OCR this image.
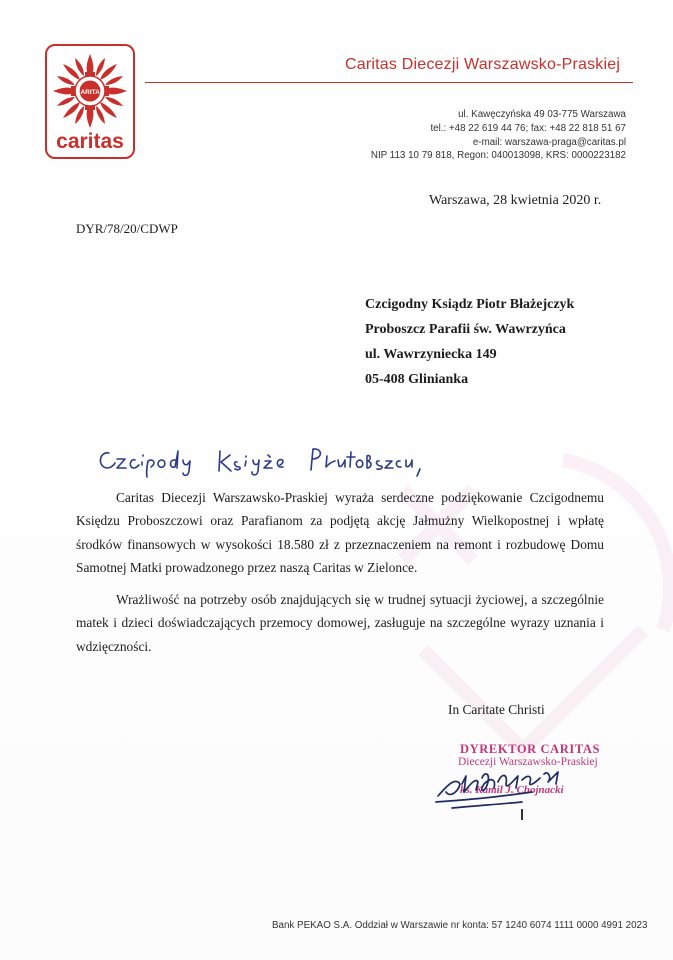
CARITAS
caritas
Caritas Diecezji Warszawsko-Praskiej
ul. Kawęczyńska 49 03-775 Warszawa
tel.: +48 22 619 44 76; fax: +48 22 818 51 67
e-mail: warszawa-praga@caritas.pl
NIP 113 10 79 818, Regon: 040013098, KRS: 0000223182
Warszawa, 28 kwietnia 2020 r.
DYR/78/20/CDWP
Czcigodny Ksiądz Piotr Błażejczyk
Proboszcz Parafii św. Wawrzyńca
ul. Wawrzyniecka 149
05-408 Glinianka

Caritas Diecezji Warszawsko-Praskiej wyraża serdeczne podziękowanie Czcigodnemu Księdzu Proboszczowi oraz Parafianom za podjętą akcję Jałmużny Wielkopostnej i wpłatę środków finansowych w wysokości 18.580 zł z przeznaczeniem na remont i rozbudowę Domu Samotnej Matki prowadzonego przez naszą Caritas w Zielonce.

Wrażliwość na potrzeby osób znajdujących się w trudnej sytuacji życiowej, a szczególnie matek i dzieci doświadczających przemocy domowej, zasługuje na szczególne wyrazy uznania i wdzięczności.

In Caritate Christi
DYREKTOR CARITAS
Diecezji Warszawsko-Praskiej
ks. Kamil J. Chojnacki
Bank PEKAO S.A. Oddział w Warszawie nr konta: 57 1240 6074 1111 0000 4991 2023
